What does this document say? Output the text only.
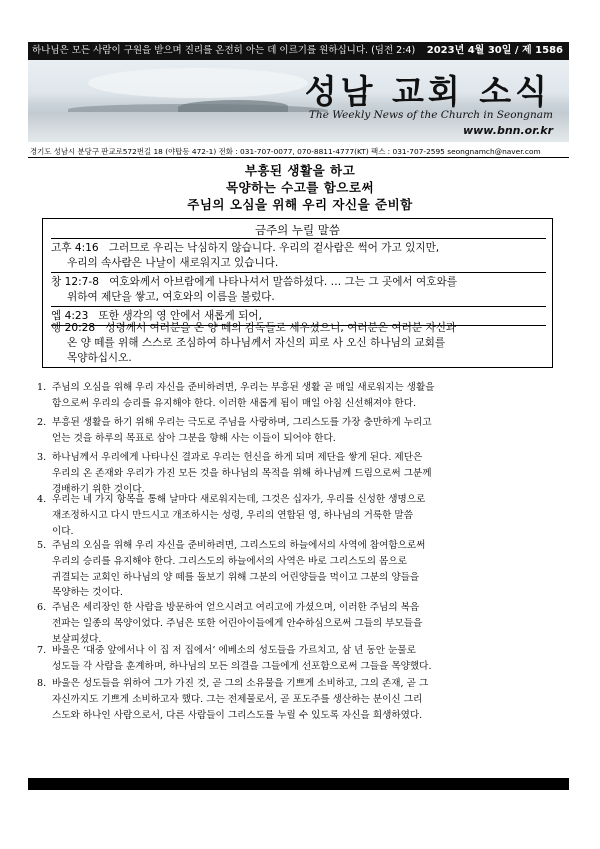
하나님은 모든 사람이 구원을 받으며 진리를 온전히 아는 데 이르기를 원하십니다. (딤전 2:4) 2023년 4월 30일 / 제 1586
성남 교회 소식
The Weekly News of the Church in Seongnam
www.bnn.or.kr
경기도 성남시 분당구 판교로572번길 18 (야탑동 472-1) 전화 : 031-707-0077, 070-8811-4777(KT) 팩스 : 031-707-2595 seongnamch@naver.com
부흥된 생활을 하고
목양하는 수고를 함으로써
주님의 오심을 위해 우리 자신을 준비함
금주의 누릴 말씀
고후 4:16 그러므로 우리는 낙심하지 않습니다. 우리의 겉사람은 썩어 가고 있지만,
우리의 속사람은 나날이 새로워지고 있습니다.
창 12:7-8 여호와께서 아브람에게 나타나셔서 말씀하셨다. … 그는 그 곳에서 여호와를
위하여 제단을 쌓고, 여호와의 이름을 불렀다.
엡 4:23 또한 생각의 영 안에서 새롭게 되어,
행 20:28 성령께서 여러분을 온 양 떼의 감독들로 세우셨으니, 여러분은 여러분 자신과
온 양 떼를 위해 스스로 조심하여 하나님께서 자신의 피로 사 오신 하나님의 교회를
목양하십시오.
1. 주님의 오심을 위해 우리 자신을 준비하려면, 우리는 부흥된 생활 곧 매일 새로워지는 생활을
함으로써 우리의 승리를 유지해야 한다. 이러한 새롭게 됨이 매일 아침 신선해져야 한다.
2. 부흥된 생활을 하기 위해 우리는 극도로 주님을 사랑하며, 그리스도를 가장 충만하게 누리고
얻는 것을 하루의 목표로 삼아 그분을 향해 사는 이들이 되어야 한다.
3. 하나님께서 우리에게 나타나신 결과로 우리는 헌신을 하게 되며 제단을 쌓게 된다. 제단은
우리의 온 존재와 우리가 가진 모든 것을 하나님의 목적을 위해 하나님께 드림으로써 그분께
경배하기 위한 것이다.
4. 우리는 네 가지 항목을 통해 날마다 새로워지는데, 그것은 십자가, 우리를 신성한 생명으로
재조정하시고 다시 만드시고 개조하시는 성령, 우리의 연합된 영, 하나님의 거룩한 말씀
이다.
5. 주님의 오심을 위해 우리 자신을 준비하려면, 그리스도의 하늘에서의 사역에 참여함으로써
우리의 승리를 유지해야 한다. 그리스도의 하늘에서의 사역은 바로 그리스도의 몸으로
귀결되는 교회인 하나님의 양 떼를 돌보기 위해 그분의 어린양들을 먹이고 그분의 양들을
목양하는 것이다.
6. 주님은 세리장인 한 사람을 방문하여 얻으시려고 여리고에 가셨으며, 이러한 주님의 복음
전파는 일종의 목양이었다. 주님은 또한 어린아이들에게 안수하심으로써 그들의 부모들을
보살피셨다.
7. 바울은 ‘대중 앞에서나 이 집 저 집에서’ 에베소의 성도들을 가르치고, 삼 년 동안 눈물로
성도들 각 사람을 훈계하며, 하나님의 모든 의결을 그들에게 선포함으로써 그들을 목양했다.
8. 바울은 성도들을 위하여 그가 가진 것, 곧 그의 소유물을 기쁘게 소비하고, 그의 존재, 곧 그
자신까지도 기쁘게 소비하고자 했다. 그는 전제물로서, 곧 포도주를 생산하는 분이신 그리
스도와 하나인 사람으로서, 다른 사람들이 그리스도를 누릴 수 있도록 자신을 희생하였다.
